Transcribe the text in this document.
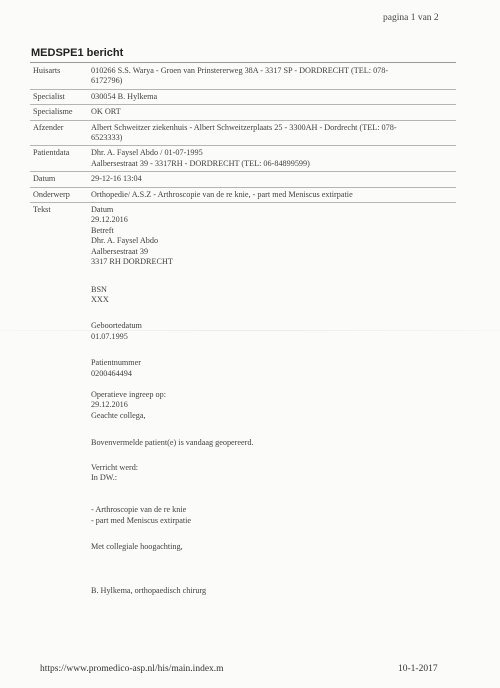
pagina 1 van 2
MEDSPE1 bericht
Huisarts	010266 S.S. Warya - Groen van Prinstererweg 38A - 3317 SP - DORDRECHT (TEL: 078-
6172796)
Specialist	030054 B. Hylkema
Specialisme	OK ORT
Afzender	Albert Schweitzer ziekenhuis - Albert Schweitzerplaats 25 - 3300AH - Dordrecht (TEL: 078-
6523333)
Patientdata	Dhr. A. Faysel Abdo / 01-07-1995
Aalbersestraat 39 - 3317RH - DORDRECHT (TEL: 06-84899599)
Datum	29-12-16 13:04
Onderwerp	Orthopedie/ A.S.Z - Arthroscopie van de re knie, - part med Meniscus extirpatie
Tekst	Datum
29.12.2016
Betreft
Dhr. A. Faysel Abdo
Aalbersestraat 39
3317 RH DORDRECHT
BSN
XXX
Geboortedatum
01.07.1995
Patientnummer
0200464494
Operatieve ingreep op:
29.12.2016
Geachte collega,
Bovenvermelde patient(e) is vandaag geopereerd.
Verricht werd:
In DW.:
- Arthroscopie van de re knie
- part med Meniscus extirpatie
Met collegiale hoogachting,
B. Hylkema, orthopaedisch chirurg
https://www.promedico-asp.nl/his/main.index.m	10-1-2017
